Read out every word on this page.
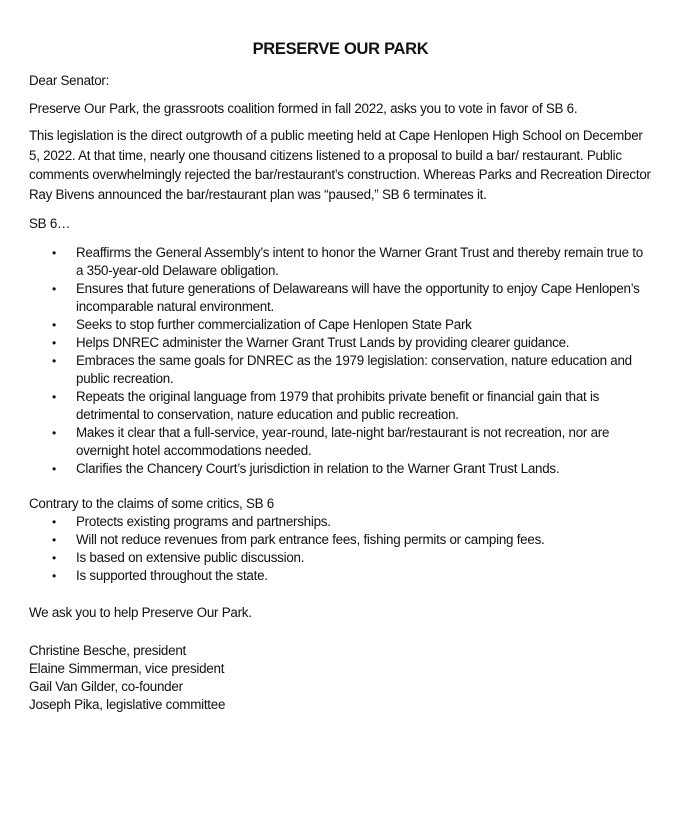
PRESERVE OUR PARK

Dear Senator:

Preserve Our Park, the grassroots coalition formed in fall 2022, asks you to vote in favor of SB 6.

This legislation is the direct outgrowth of a public meeting held at Cape Henlopen High School on December 5, 2022. At that time, nearly one thousand citizens listened to a proposal to build a bar/ restaurant. Public comments overwhelmingly rejected the bar/restaurant’s construction. Whereas Parks and Recreation Director Ray Bivens announced the bar/restaurant plan was “paused,” SB 6 terminates it.

SB 6…

• Reaffirms the General Assembly’s intent to honor the Warner Grant Trust and thereby remain true to a 350-year-old Delaware obligation.
• Ensures that future generations of Delawareans will have the opportunity to enjoy Cape Henlopen’s incomparable natural environment.
• Seeks to stop further commercialization of Cape Henlopen State Park
• Helps DNREC administer the Warner Grant Trust Lands by providing clearer guidance.
• Embraces the same goals for DNREC as the 1979 legislation: conservation, nature education and public recreation.
• Repeats the original language from 1979 that prohibits private benefit or financial gain that is detrimental to conservation, nature education and public recreation.
• Makes it clear that a full-service, year-round, late-night bar/restaurant is not recreation, nor are overnight hotel accommodations needed.
• Clarifies the Chancery Court’s jurisdiction in relation to the Warner Grant Trust Lands.

Contrary to the claims of some critics, SB 6

• Protects existing programs and partnerships.
• Will not reduce revenues from park entrance fees, fishing permits or camping fees.
• Is based on extensive public discussion.
• Is supported throughout the state.

We ask you to help Preserve Our Park.

Christine Besche, president
Elaine Simmerman, vice president
Gail Van Gilder, co-founder
Joseph Pika, legislative committee
